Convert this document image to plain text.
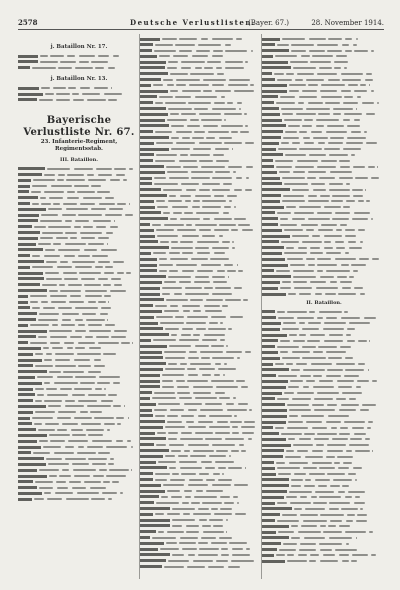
2578	Deutsche Verlustlisten.
(Bayer. 67.)	28. November 1914.
j. Bataillon Nr. 17.
j. Bataillon Nr. 13.
Bayerische Verlustliste Nr. 67.
23. Infanterie-Regiment, Regimentsstab.
III. Bataillon.
II. Bataillon.
